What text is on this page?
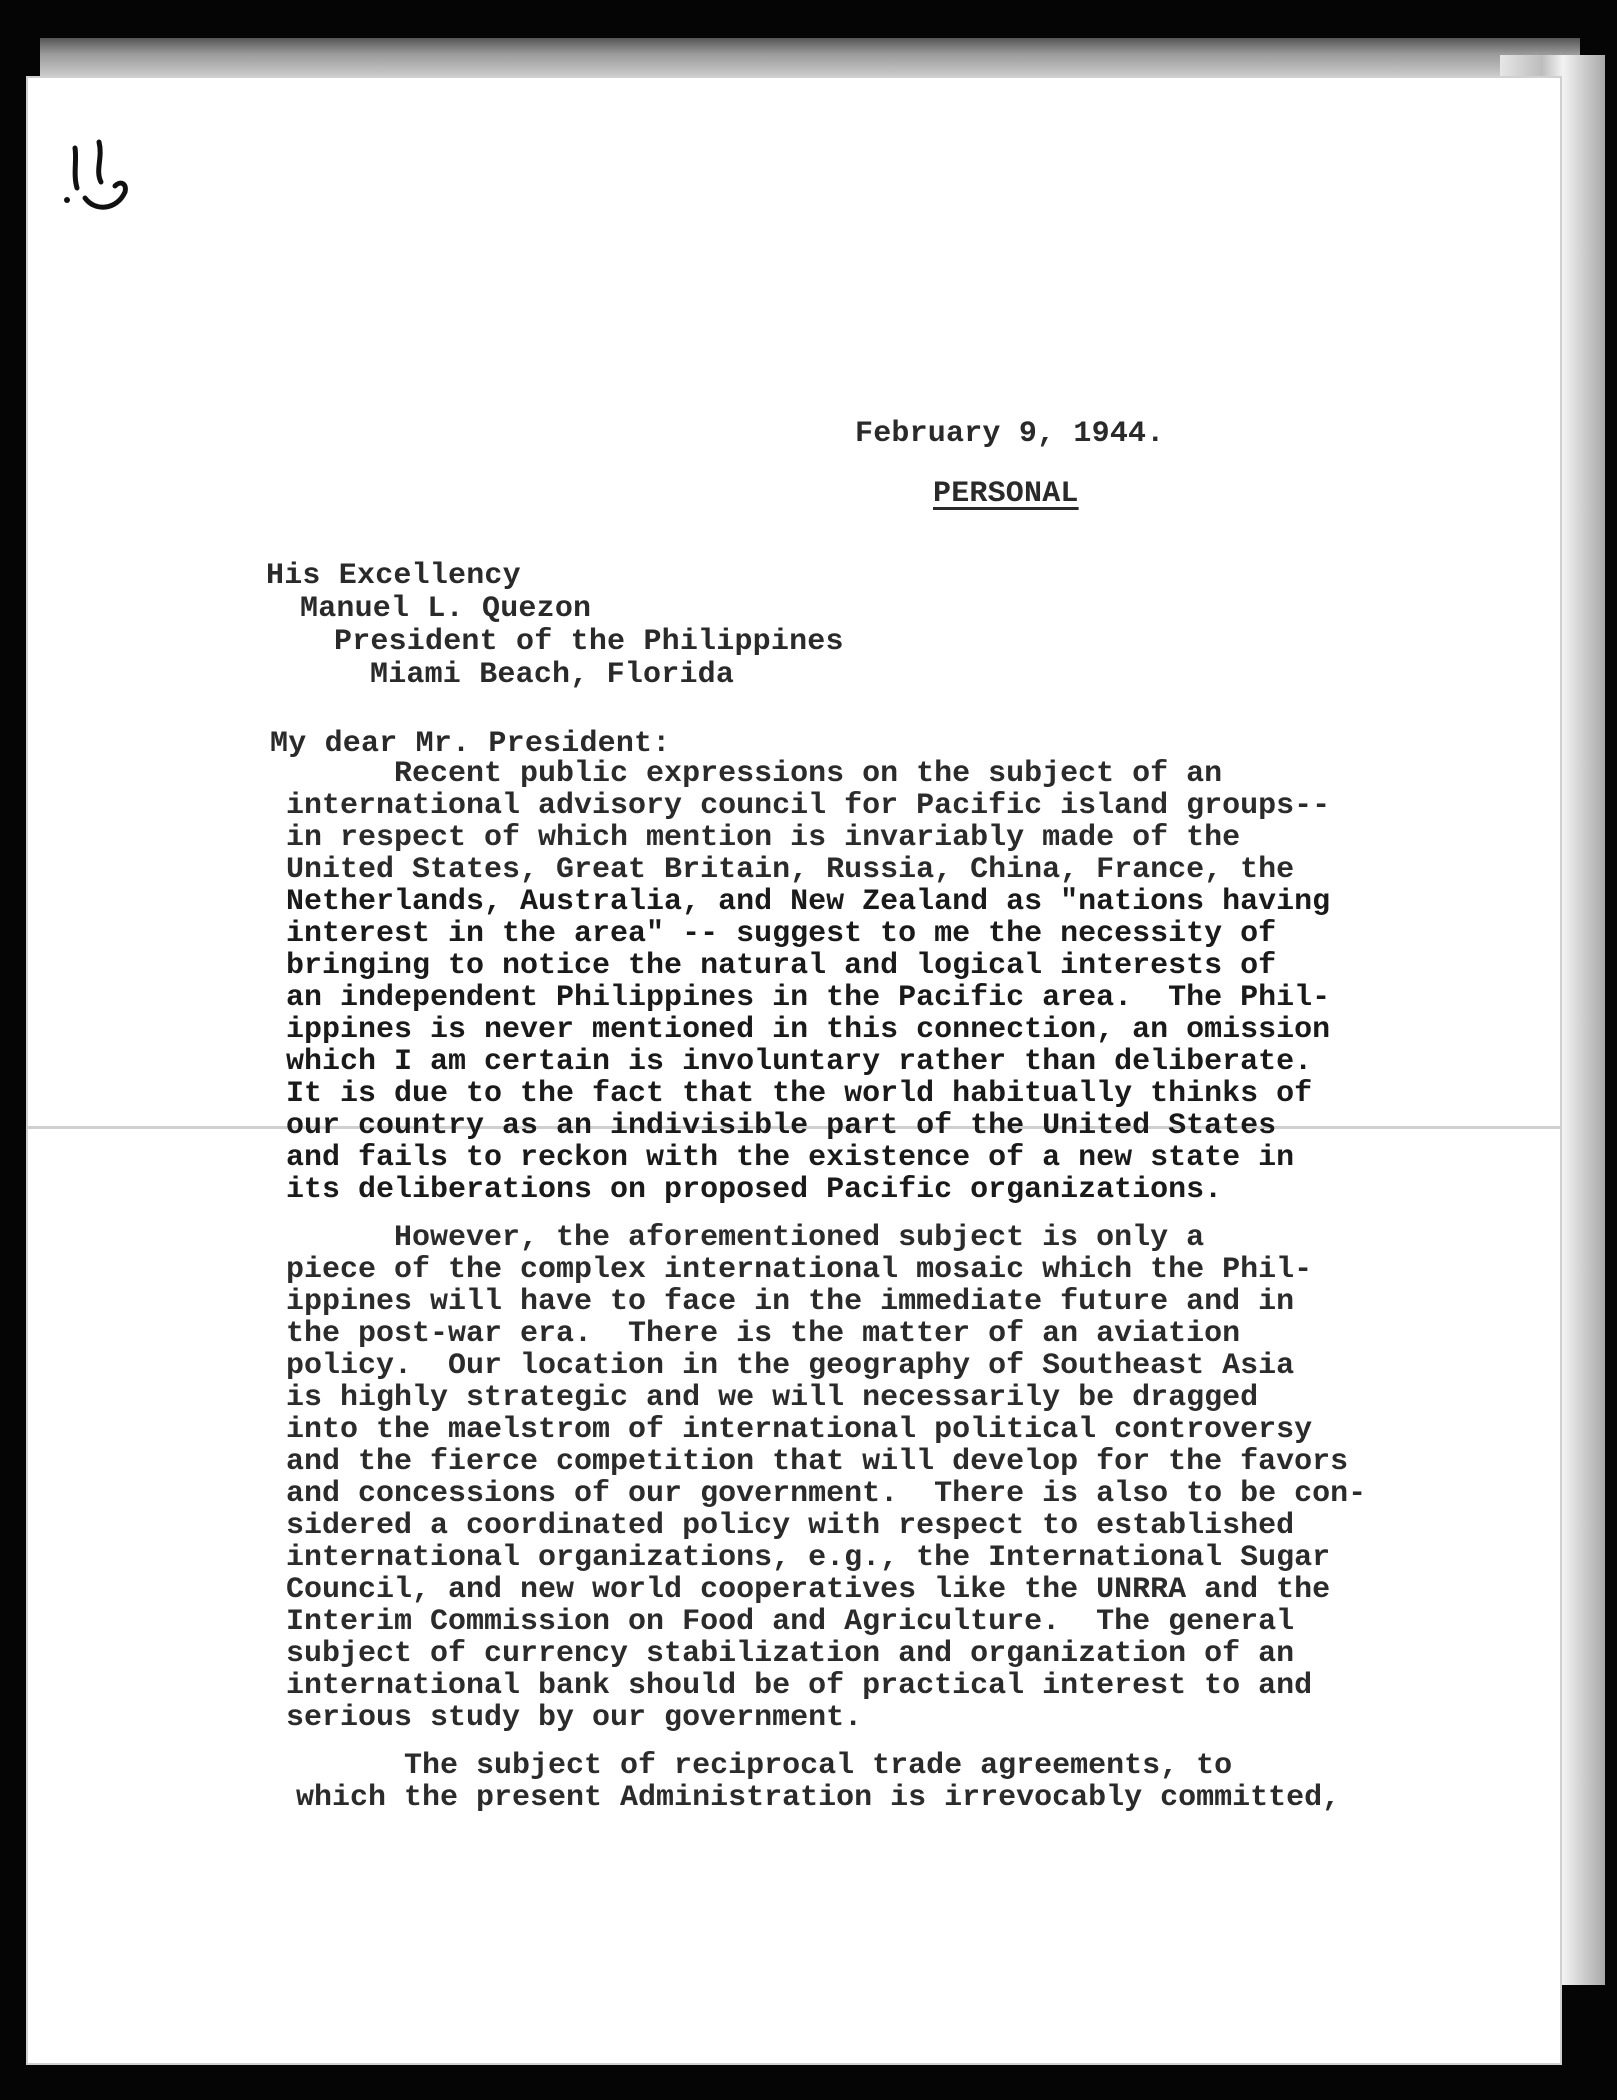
February 9, 1944.
PERSONAL
His Excellency
Manuel L. Quezon
President of the Philippines
Miami Beach, Florida
My dear Mr. President:
Recent public expressions on the subject of an
international advisory council for Pacific island groups--
in respect of which mention is invariably made of the
United States, Great Britain, Russia, China, France, the
Netherlands, Australia, and New Zealand as "nations having
interest in the area" -- suggest to me the necessity of
bringing to notice the natural and logical interests of
an independent Philippines in the Pacific area.  The Phil-
ippines is never mentioned in this connection, an omission
which I am certain is involuntary rather than deliberate.
It is due to the fact that the world habitually thinks of
our country as an indivisible part of the United States
and fails to reckon with the existence of a new state in
its deliberations on proposed Pacific organizations.
However, the aforementioned subject is only a
piece of the complex international mosaic which the Phil-
ippines will have to face in the immediate future and in
the post-war era.  There is the matter of an aviation
policy.  Our location in the geography of Southeast Asia
is highly strategic and we will necessarily be dragged
into the maelstrom of international political controversy
and the fierce competition that will develop for the favors
and concessions of our government.  There is also to be con-
sidered a coordinated policy with respect to established
international organizations, e.g., the International Sugar
Council, and new world cooperatives like the UNRRA and the
Interim Commission on Food and Agriculture.  The general
subject of currency stabilization and organization of an
international bank should be of practical interest to and
serious study by our government.
The subject of reciprocal trade agreements, to
which the present Administration is irrevocably committed,
